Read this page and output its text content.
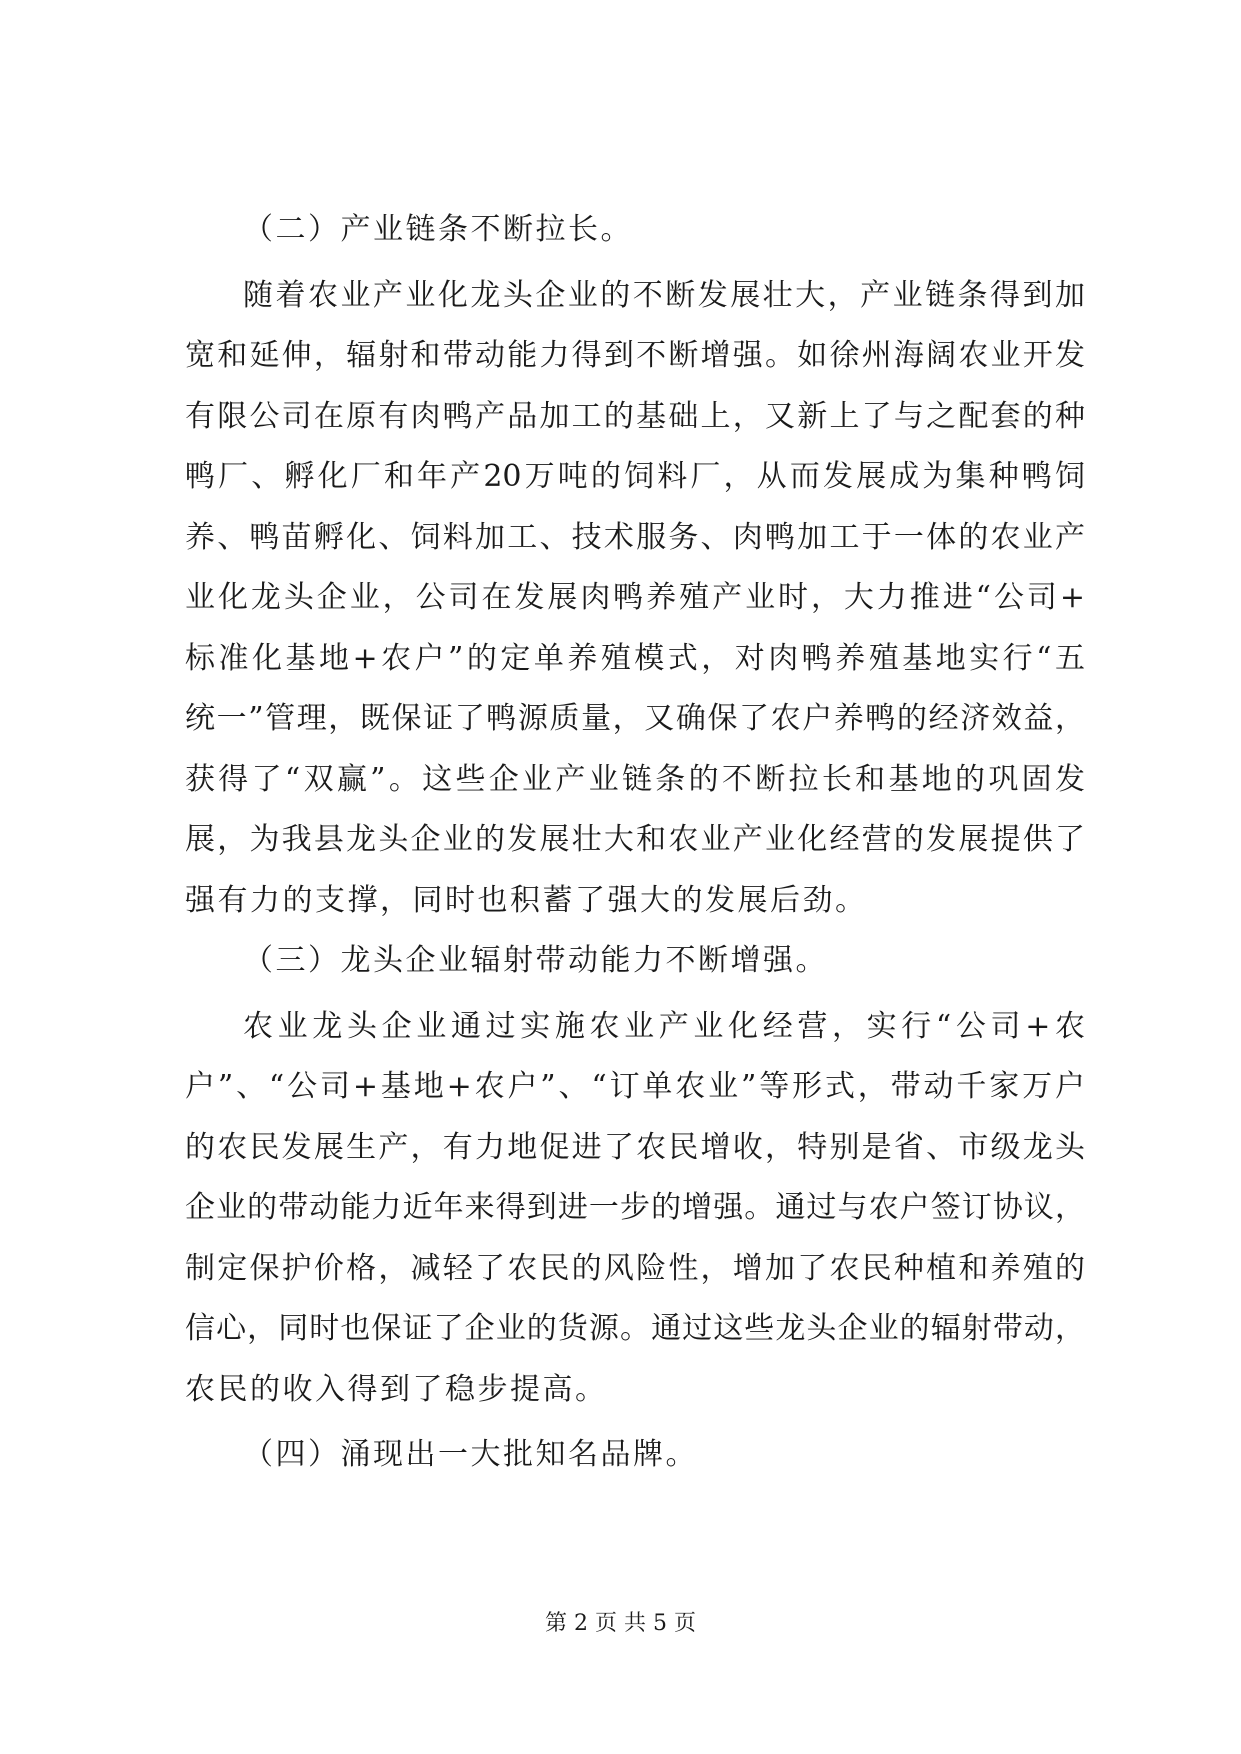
（二）产业链条不断拉长。
随着农业产业化龙头企业的不断发展壮大，产业链条得到加
宽和延伸，辐射和带动能力得到不断增强。如徐州海阔农业开发
有限公司在原有肉鸭产品加工的基础上，又新上了与之配套的种
鸭厂、孵化厂和年产20万吨的饲料厂，从而发展成为集种鸭饲
养、鸭苗孵化、饲料加工、技术服务、肉鸭加工于一体的农业产
业化龙头企业，公司在发展肉鸭养殖产业时，大力推进“公司+
标准化基地+农户”的定单养殖模式，对肉鸭养殖基地实行“五
统一”管理，既保证了鸭源质量，又确保了农户养鸭的经济效益，
获得了“双赢”。这些企业产业链条的不断拉长和基地的巩固发
展，为我县龙头企业的发展壮大和农业产业化经营的发展提供了
强有力的支撑，同时也积蓄了强大的发展后劲。
（三）龙头企业辐射带动能力不断增强。
农业龙头企业通过实施农业产业化经营，实行“公司+农
户”、“公司+基地+农户”、“订单农业”等形式，带动千家万户
的农民发展生产，有力地促进了农民增收，特别是省、市级龙头
企业的带动能力近年来得到进一步的增强。通过与农户签订协议，
制定保护价格，减轻了农民的风险性，增加了农民种植和养殖的
信心，同时也保证了企业的货源。通过这些龙头企业的辐射带动，
农民的收入得到了稳步提高。
（四）涌现出一大批知名品牌。
第 2 页 共 5 页
